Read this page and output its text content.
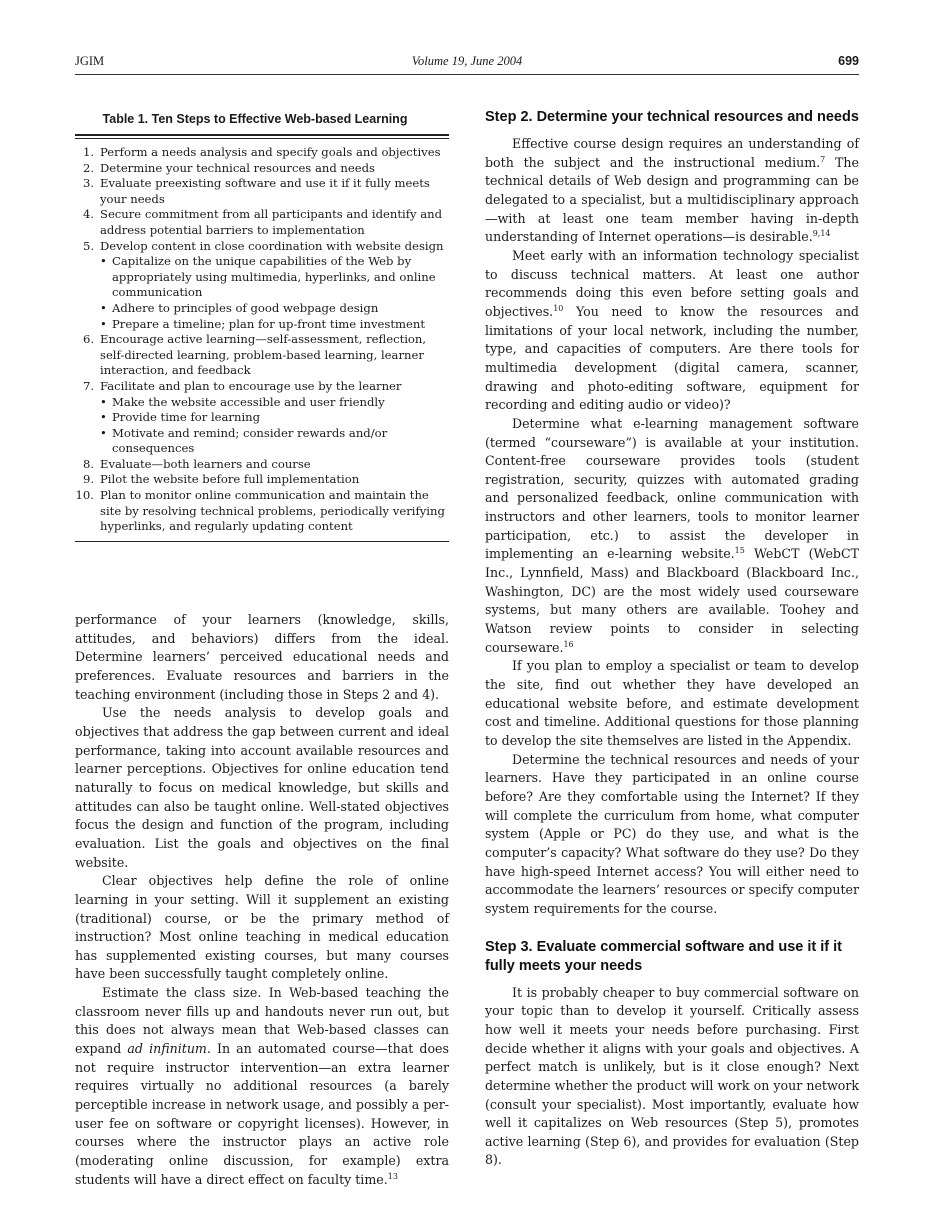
JGIM	Volume 19, June 2004	699
Table 1. Ten Steps to Effective Web-based Learning
1. Perform a needs analysis and specify goals and objectives
2. Determine your technical resources and needs
3. Evaluate preexisting software and use it if it fully meets your needs
4. Secure commitment from all participants and identify and address potential barriers to implementation
5. Develop content in close coordination with website design
• Capitalize on the unique capabilities of the Web by appropriately using multimedia, hyperlinks, and online communication
• Adhere to principles of good webpage design
• Prepare a timeline; plan for up-front time investment
6. Encourage active learning—self-assessment, reflection, self-directed learning, problem-based learning, learner interaction, and feedback
7. Facilitate and plan to encourage use by the learner
• Make the website accessible and user friendly
• Provide time for learning
• Motivate and remind; consider rewards and/or consequences
8. Evaluate—both learners and course
9. Pilot the website before full implementation
10. Plan to monitor online communication and maintain the site by resolving technical problems, periodically verifying hyperlinks, and regularly updating content

performance of your learners (knowledge, skills, attitudes, and behaviors) differs from the ideal. Determine learners’ perceived educational needs and preferences. Evaluate resources and barriers in the teaching environment (including those in Steps 2 and 4).

Use the needs analysis to develop goals and objectives that address the gap between current and ideal performance, taking into account available resources and learner perceptions. Objectives for online education tend naturally to focus on medical knowledge, but skills and attitudes can also be taught online. Well-stated objectives focus the design and function of the program, including evaluation. List the goals and objectives on the final website.

Clear objectives help define the role of online learning in your setting. Will it supplement an existing (traditional) course, or be the primary method of instruction? Most online teaching in medical education has supplemented existing courses, but many courses have been successfully taught completely online.

Estimate the class size. In Web-based teaching the classroom never fills up and handouts never run out, but this does not always mean that Web-based classes can expand ad infinitum. In an automated course—that does not require instructor intervention—an extra learner requires virtually no additional resources (a barely perceptible increase in network usage, and possibly a per-user fee on software or copyright licenses). However, in courses where the instructor plays an active role (moderating online discussion, for example) extra students will have a direct effect on faculty time.$^{13}$

Step 2. Determine your technical resources and needs

Effective course design requires an understanding of both the subject and the instructional medium.$^7$ The technical details of Web design and programming can be delegated to a specialist, but a multidisciplinary approach—with at least one team member having in-depth understanding of Internet operations—is desirable.$^{9,14}$

Meet early with an information technology specialist to discuss technical matters. At least one author recommends doing this even before setting goals and objectives.$^{10}$ You need to know the resources and limitations of your local network, including the number, type, and capacities of computers. Are there tools for multimedia development (digital camera, scanner, drawing and photo-editing software, equipment for recording and editing audio or video)?

Determine what e-learning management software (termed “courseware”) is available at your institution. Content-free courseware provides tools (student registration, security, quizzes with automated grading and personalized feedback, online communication with instructors and other learners, tools to monitor learner participation, etc.) to assist the developer in implementing an e-learning website.$^{15}$ WebCT (WebCT Inc., Lynnfield, Mass) and Blackboard (Blackboard Inc., Washington, DC) are the most widely used courseware systems, but many others are available. Toohey and Watson review points to consider in selecting courseware.$^{16}$

If you plan to employ a specialist or team to develop the site, find out whether they have developed an educational website before, and estimate development cost and timeline. Additional questions for those planning to develop the site themselves are listed in the Appendix.

Determine the technical resources and needs of your learners. Have they participated in an online course before? Are they comfortable using the Internet? If they will complete the curriculum from home, what computer system (Apple or PC) do they use, and what is the computer’s capacity? What software do they use? Do they have high-speed Internet access? You will either need to accommodate the learners’ resources or specify computer system requirements for the course.

Step 3. Evaluate commercial software and use it if it fully meets your needs

It is probably cheaper to buy commercial software on your topic than to develop it yourself. Critically assess how well it meets your needs before purchasing. First decide whether it aligns with your goals and objectives. A perfect match is unlikely, but is it close enough? Next determine whether the product will work on your network (consult your specialist). Most importantly, evaluate how well it capitalizes on Web resources (Step 5), promotes active learning (Step 6), and provides for evaluation (Step 8).
